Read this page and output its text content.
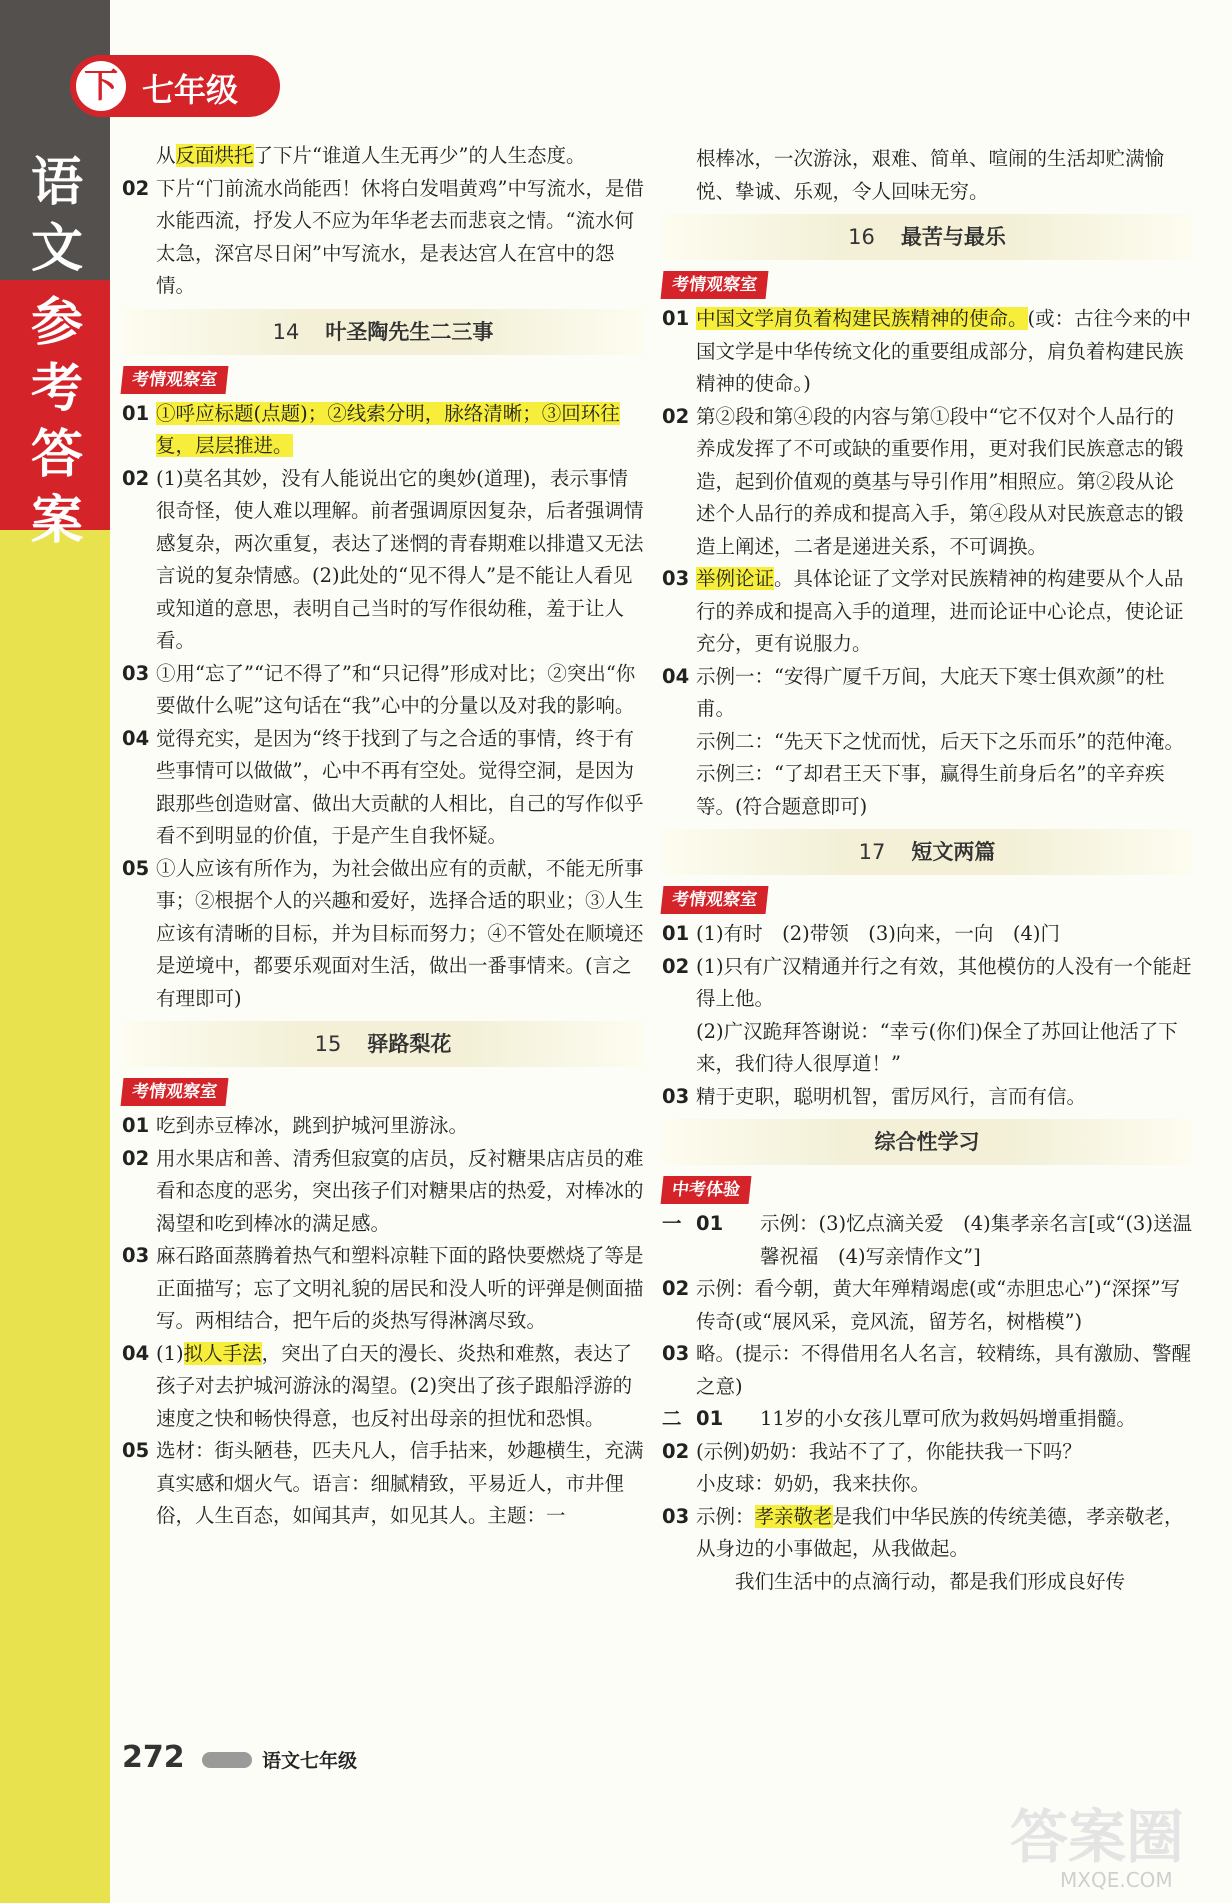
语文
参考答案
下 七年级
从反面烘托了下片“谁道人生无再少”的人生态度。
02 下片“门前流水尚能西！休将白发唱黄鸡”中写流水，是借水能西流，抒发人不应为年华老去而悲哀之情。“流水何太急，深宫尽日闲”中写流水，是表达宫人在宫中的怨情。
14 叶圣陶先生二三事
考情观察室
01 ①呼应标题(点题)；②线索分明，脉络清晰；③回环往复，层层推进。
02 (1)莫名其妙，没有人能说出它的奥妙(道理)，表示事情很奇怪，使人难以理解。前者强调原因复杂，后者强调情感复杂，两次重复，表达了迷惘的青春期难以排遣又无法言说的复杂情感。(2)此处的“见不得人”是不能让人看见或知道的意思，表明自己当时的写作很幼稚，羞于让人看。
03 ①用“忘了”“记不得了”和“只记得”形成对比；②突出“你要做什么呢”这句话在“我”心中的分量以及对我的影响。
04 觉得充实，是因为“终于找到了与之合适的事情，终于有些事情可以做做”，心中不再有空处。觉得空洞，是因为跟那些创造财富、做出大贡献的人相比，自己的写作似乎看不到明显的价值，于是产生自我怀疑。
05 ①人应该有所作为，为社会做出应有的贡献，不能无所事事；②根据个人的兴趣和爱好，选择合适的职业；③人生应该有清晰的目标，并为目标而努力；④不管处在顺境还是逆境中，都要乐观面对生活，做出一番事情来。(言之有理即可)
15 驿路梨花
考情观察室
01 吃到赤豆棒冰，跳到护城河里游泳。
02 用水果店和善、清秀但寂寞的店员，反衬糖果店店员的难看和态度的恶劣，突出孩子们对糖果店的热爱，对棒冰的渴望和吃到棒冰的满足感。
03 麻石路面蒸腾着热气和塑料凉鞋下面的路快要燃烧了等是正面描写；忘了文明礼貌的居民和没人听的评弹是侧面描写。两相结合，把午后的炎热写得淋漓尽致。
04 (1)拟人手法，突出了白天的漫长、炎热和难熬，表达了孩子对去护城河游泳的渴望。(2)突出了孩子跟船浮游的速度之快和畅快得意，也反衬出母亲的担忧和恐惧。
05 选材：街头陋巷，匹夫凡人，信手拈来，妙趣横生，充满真实感和烟火气。语言：细腻精致，平易近人，市井俚俗，人生百态，如闻其声，如见其人。主题：一
根棒冰，一次游泳，艰难、简单、喧闹的生活却贮满愉悦、挚诚、乐观，令人回味无穷。
16 最苦与最乐
考情观察室
01 中国文学肩负着构建民族精神的使命。(或：古往今来的中国文学是中华传统文化的重要组成部分，肩负着构建民族精神的使命。)
02 第②段和第④段的内容与第①段中“它不仅对个人品行的养成发挥了不可或缺的重要作用，更对我们民族意志的锻造，起到价值观的奠基与导引作用”相照应。第②段从论述个人品行的养成和提高入手，第④段从对民族意志的锻造上阐述，二者是递进关系，不可调换。
03 举例论证。具体论证了文学对民族精神的构建要从个人品行的养成和提高入手的道理，进而论证中心论点，使论证充分，更有说服力。
04 示例一：“安得广厦千万间，大庇天下寒士俱欢颜”的杜甫。
示例二：“先天下之忧而忧，后天下之乐而乐”的范仲淹。
示例三：“了却君王天下事，赢得生前身后名”的辛弃疾等。(符合题意即可)
17 短文两篇
考情观察室
01 (1)有时　(2)带领　(3)向来，一向　(4)门
02 (1)只有广汉精通并行之有效，其他模仿的人没有一个能赶得上他。
(2)广汉跪拜答谢说：“幸亏(你们)保全了苏回让他活了下来，我们待人很厚道！”
03 精于吏职，聪明机智，雷厉风行，言而有信。
综合性学习
中考体验
一 01	示例：(3)忆点滴关爱　(4)集孝亲名言[或“(3)送温馨祝福　(4)写亲情作文”]
02 示例：看今朝，黄大年殚精竭虑(或“赤胆忠心”)“深探”写传奇(或“展风采，竞风流，留芳名，树楷模”)
03 略。(提示：不得借用名人名言，较精练，具有激励、警醒之意)
二 01	11岁的小女孩儿覃可欣为救妈妈增重捐髓。
02 (示例)奶奶：我站不了了，你能扶我一下吗？
小皮球：奶奶，我来扶你。
03 示例：孝亲敬老是我们中华民族的传统美德，孝亲敬老，从身边的小事做起，从我做起。
我们生活中的点滴行动，都是我们形成良好传
272	语文七年级
答案圈
MXQE.COM
